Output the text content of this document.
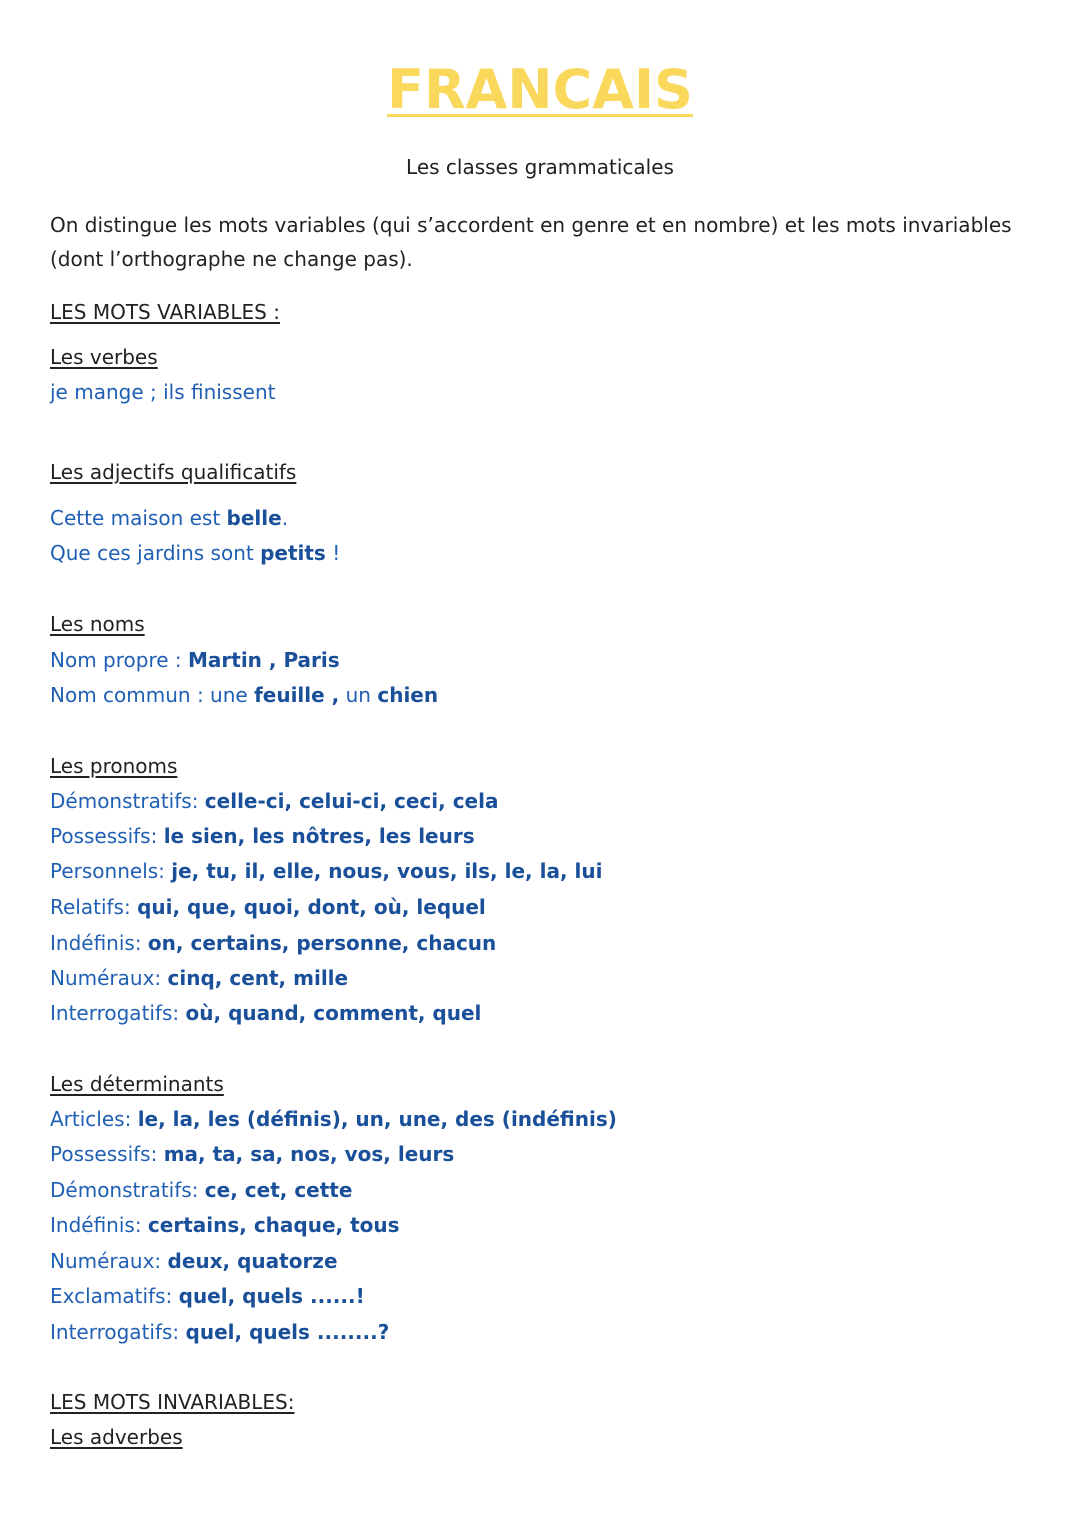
FRANCAIS
Les classes grammaticales
On distingue les mots variables (qui s’accordent en genre et en nombre) et les mots invariables (dont l’orthographe ne change pas).
LES MOTS VARIABLES :
Les verbes
je mange ; ils finissent
Les adjectifs qualificatifs
Cette maison est belle.
Que ces jardins sont petits !
Les noms
Nom propre : Martin , Paris
Nom commun : une feuille , un chien
Les pronoms
Démonstratifs: celle-ci, celui-ci, ceci, cela
Possessifs: le sien, les nôtres, les leurs
Personnels: je, tu, il, elle, nous, vous, ils, le, la, lui
Relatifs: qui, que, quoi, dont, où, lequel
Indéfinis: on, certains, personne, chacun
Numéraux: cinq, cent, mille
Interrogatifs: où, quand, comment, quel
Les déterminants
Articles: le, la, les (définis), un, une, des (indéfinis)
Possessifs: ma, ta, sa, nos, vos, leurs
Démonstratifs: ce, cet, cette
Indéfinis: certains, chaque, tous
Numéraux: deux, quatorze
Exclamatifs: quel, quels ......!
Interrogatifs: quel, quels ........?
LES MOTS INVARIABLES:
Les adverbes
